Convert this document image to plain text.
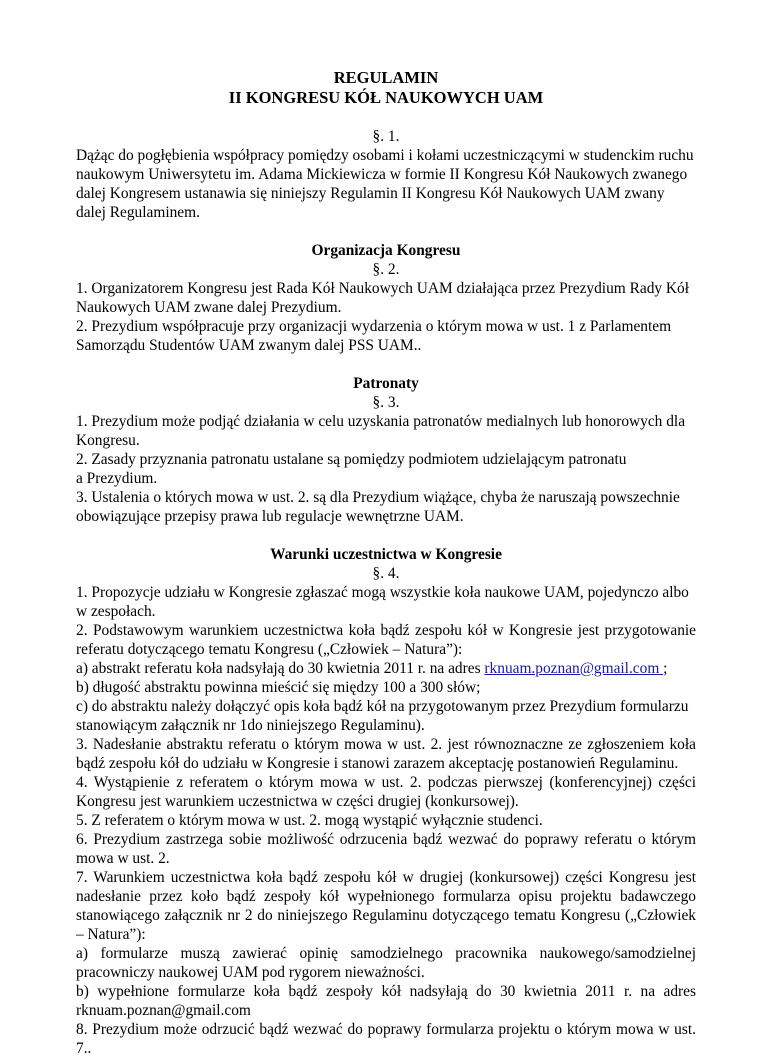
REGULAMIN
II KONGRESU KÓŁ NAUKOWYCH UAM
§. 1.
Dążąc do pogłębienia współpracy pomiędzy osobami i kołami uczestniczącymi w studenckim ruchu naukowym Uniwersytetu im. Adama Mickiewicza w formie II Kongresu Kół Naukowych zwanego dalej Kongresem ustanawia się niniejszy Regulamin II Kongresu Kół Naukowych UAM zwany dalej Regulaminem.
Organizacja Kongresu
§. 2.
1. Organizatorem Kongresu jest Rada Kół Naukowych UAM działająca przez Prezydium Rady Kół Naukowych UAM zwane dalej Prezydium.
2. Prezydium współpracuje przy organizacji wydarzenia o którym mowa w ust. 1 z Parlamentem Samorządu Studentów UAM zwanym dalej PSS UAM..
Patronaty
§. 3.
1. Prezydium może podjąć działania w celu uzyskania patronatów medialnych lub honorowych dla Kongresu.
2. Zasady przyznania patronatu ustalane są pomiędzy podmiotem udzielającym patronatu
a Prezydium.
3. Ustalenia o których mowa w ust. 2. są dla Prezydium wiążące, chyba że naruszają powszechnie obowiązujące przepisy prawa lub regulacje wewnętrzne UAM.
Warunki uczestnictwa w Kongresie
§. 4.
1. Propozycje udziału w Kongresie zgłaszać mogą wszystkie koła naukowe UAM, pojedynczo albo w zespołach.
2. Podstawowym warunkiem uczestnictwa koła bądź zespołu kół w Kongresie jest przygotowanie referatu dotyczącego tematu Kongresu („Człowiek – Natura”):
a) abstrakt referatu koła nadsyłają do 30 kwietnia 2011 r. na adres rknuam.poznan@gmail.com ;
b) długość abstraktu powinna mieścić się między 100 a 300 słów;
c) do abstraktu należy dołączyć opis koła bądź kół na przygotowanym przez Prezydium formularzu stanowiącym załącznik nr 1do niniejszego Regulaminu).
3. Nadesłanie abstraktu referatu o którym mowa w ust. 2. jest równoznaczne ze zgłoszeniem koła bądź zespołu kół do udziału w Kongresie i stanowi zarazem akceptację postanowień Regulaminu.
4. Wystąpienie z referatem o którym mowa w ust. 2. podczas pierwszej (konferencyjnej) części Kongresu jest warunkiem uczestnictwa w części drugiej (konkursowej).
5. Z referatem o którym mowa w ust. 2. mogą wystąpić wyłącznie studenci.
6. Prezydium zastrzega sobie możliwość odrzucenia bądź wezwać do poprawy referatu o którym mowa w ust. 2.
7. Warunkiem uczestnictwa koła bądź zespołu kół w drugiej (konkursowej) części Kongresu jest nadesłanie przez koło bądź zespoły kół wypełnionego formularza opisu projektu badawczego stanowiącego załącznik nr 2 do niniejszego Regulaminu dotyczącego tematu Kongresu („Człowiek – Natura”):
a) formularze muszą zawierać opinię samodzielnego pracownika naukowego/samodzielnej pracowniczy naukowej UAM pod rygorem nieważności.
b) wypełnione formularze koła bądź zespoły kół nadsyłają do 30 kwietnia 2011 r. na adres rknuam.poznan@gmail.com
8. Prezydium może odrzucić bądź wezwać do poprawy formularza projektu o którym mowa w ust. 7..
